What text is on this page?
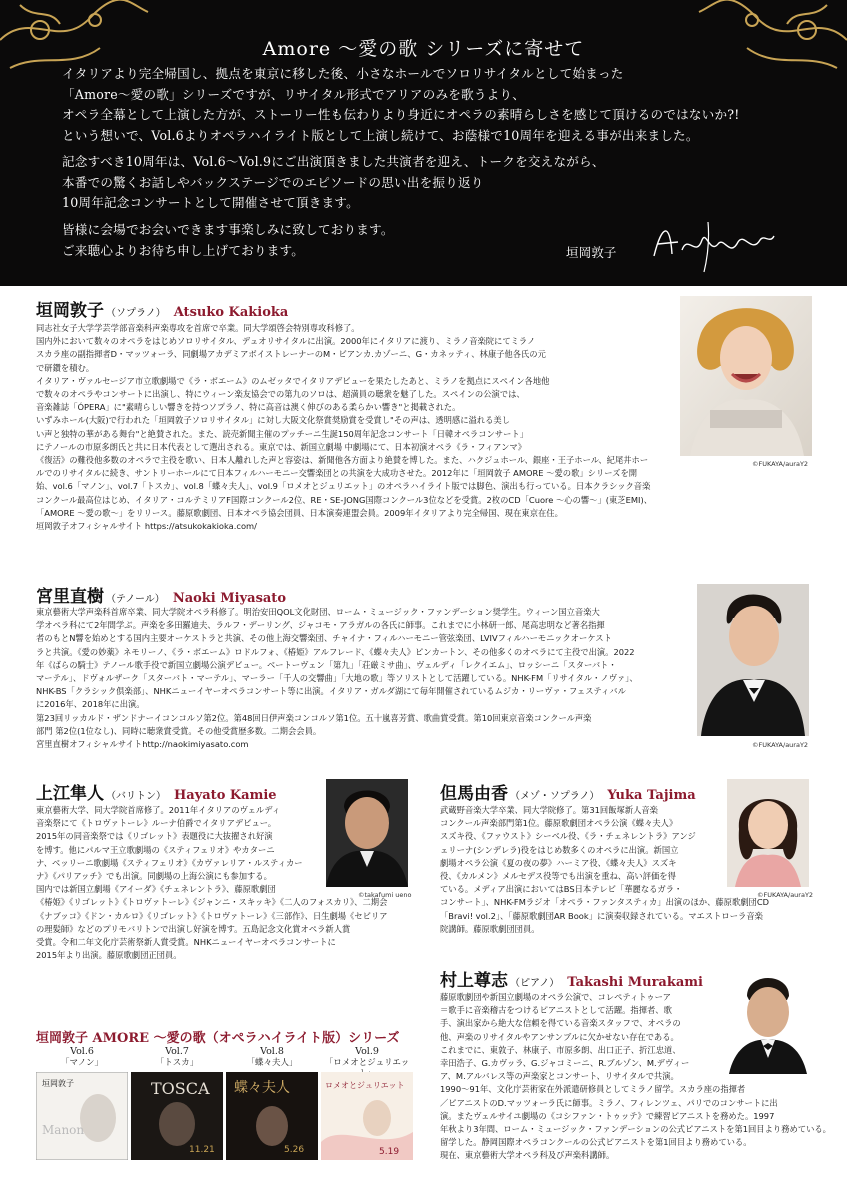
Amore ～愛の歌 シリーズに寄せて
イタリアより完全帰国し、拠点を東京に移した後、小さなホールでソロリサイタルとして始まった
「Amore～愛の歌」シリーズですが、リサイタル形式でアリアのみを歌うより、
オペラ全幕として上演した方が、ストーリー性も伝わりより身近にオペラの素晴らしさを感じて頂けるのではないか?!
という想いで、Vol.6よりオペラハイライト版として上演し続けて、お蔭様で10周年を迎える事が出来ました。
記念すべき10周年は、Vol.6～Vol.9にご出演頂きました共演者を迎え、トークを交えながら、
本番での驚くお話しやバックステージでのエピソードの思い出を振り返り
10周年記念コンサートとして開催させて頂きます。
皆様に会場でお会いできます事楽しみに致しております。
ご来聴心よりお待ち申し上げております。	垣岡敦子
垣岡敦子 （ソプラノ） Atsuko Kakioka
同志社女子大学学芸学部音楽科声楽専攻を首席で卒業。同大学頌啓会特別専攻科修了。
国内外において数々のオペラをはじめソロリサイタル、デュオリサイタルに出演。2000年にイタリアに渡り、ミラノ音楽院にてミラノ
スカラ座の副指揮者D・マッツォーラ、同劇場アカデミアボイストレーナーのM・ビアンカ.カゾーニ、G・カネッティ、林康子他各氏の元
で研鑽を積む。
イタリア・ヴァルセージア市立歌劇場で《ラ・ボエーム》のムゼッタでイタリアデビューを果たしたあと、ミラノを拠点にスペイン各地他
で数々のオペラやコンサートに出演し、特にウィーン楽友協会での第九のソロは、超満員の聴衆を魅了した。スペインの公演では、
音楽雑誌「ÓPERA」に"素晴らしい響きを持つソプラノ、特に高音は澳く伸びのある柔らかい響き"と掲載された。
いずみホール(大阪)で行われた「垣岡敦子ソロリサイタル」に対し大阪文化祭賞奨励賞を受賞し"その声は、透明感に溢れる美し
い声と独特の華がある舞台"と絶賛された。また、読売新聞主催のプッチーニ生誕150周年記念コンサート「日韓オペラコンサート」
にテノールの市原多朗氏と共に日本代表として選出される。東京では、新国立劇場 中劇場にて、日本初演オペラ《ラ・フィアンマ》
《復活》の難役他多数のオペラで主役を歌い、日本人離れした声と容姿は、新聞他各方面より絶賛を博した。また、ハクジュホール、銀座・王子ホール、紀尾井ホー
ルでのリサイタルに続き、サントリーホールにて日本フィルハーモニー交響楽団との共演を大成功させた。2012年に「垣岡敦子 AMORE ～愛の歌」シリーズを開
始、vol.6「マノン」、vol.7「トスカ」、vol.8「蝶々夫人」、vol.9「ロメオとジュリエット」のオペラハイライト版では脚色、演出も行っている。日本クラシック音楽
コンクール最高位はじめ、イタリア・コルテミリアF国際コンクール2位、RE・SE-JONG国際コンクール3位などを受賞。2枚のCD「Cuore ～心の響～」(東芝EMI)、
「AMORE ～愛の歌～」をリリース。藤原歌劇団、日本オペラ協会団員、日本演奏連盟会員。2009年イタリアより完全帰国、現在東京在住。
垣岡敦子オフィシャルサイト https://atsukokakioka.com/
©FUKAYA/auraY2
宮里直樹 （テノール） Naoki Miyasato
東京藝術大学声楽科首席卒業、同大学院オペラ科修了。明治安田QOL文化財団、ローム・ミュージック・ファンデーション奨学生。ウィーン国立音楽大
学オペラ科にて2年間学ぶ。声楽を多田羅迪夫、ラルフ・デーリング、ジャコモ・アラガルの各氏に師事。これまでに小林研一郎、尾高忠明など著名指揮
者のもとN響を始めとする国内主要オーケストラと共演、その他上海交響楽団、チャイナ・フィルハーモニー管弦楽団、LVIVフィルハーモニックオーケスト
ラと共演。《愛の妙薬》ネモリーノ、《ラ・ボエーム》ロドルフォ、《椿姫》アルフレード、《蝶々夫人》ピンカートン、その他多くのオペラにて主役で出演。2022
年《ばらの騎士》テノール歌手役で新国立劇場公演デビュー。ベートーヴェン「第九」「荘厳ミサ曲」、ヴェルディ「レクイエム」、ロッシーニ「スターバト・
マーテル」、ドヴォルザーク「スターバト・マーテル」、マーラー「千人の交響曲」「大地の歌」等ソリストとして活躍している。NHK-FM「リサイタル・ノヴァ」、
NHK-BS「クラシック倶楽部」、NHKニューイヤーオペラコンサート等に出演。イタリア・ガルダ湖にて毎年開催されているムジカ・リーヴァ・フェスティバル
に2016年、2018年に出演。
第23回リッカルド・ザンドナーイコンコルソ第2位。第48回日伊声楽コンコルソ第1位。五十嵐喜芳賞、歌曲賞受賞。第10回東京音楽コンクール声楽
部門 第2位(1位なし)、同時に聴衆賞受賞。その他受賞歴多数。二期会会員。
宮里直樹オフィシャルサイトhttp://naokimiyasato.com	©FUKAYA/auraY2
上江隼人 （バリトン） Hayato Kamie
東京藝術大学、同大学院首席修了。2011年イタリアのヴェルディ
音楽祭にて《トロヴァトーレ》ルーナ伯爵でイタリアデビュー。
2015年の同音楽祭では《リゴレット》表題役に大抜擢され好演
を博す。他にパルマ王立歌劇場の《スティフェリオ》やカターニ
ナ、ベッリーニ歌劇場《スティフェリオ》《カヴァレリア・ルスティカー
ナ》《パリアッチ》でも出演。同劇場の上海公演にも参加する。
国内では新国立劇場《アイーダ》《チェネレントラ》、藤原歌劇団
《椿姫》《リゴレット》《トロヴァトーレ》《ジャンニ・スキッキ》《二人のフォスカリ》、二期会
《ナブッコ》《ドン・カルロ》《リゴレット》《トロヴァトーレ》《三部作》、日生劇場《セビリア
の理髪師》などのプリモバリトンで出演し好演を博す。五島記念文化賞オペラ新人賞
受賞。令和二年文化庁芸術祭新人賞受賞。NHKニューイヤーオペラコンサートに
2015年より出演。藤原歌劇団正団員。
©takafumi ueno
但馬由香 （メゾ・ソプラノ） Yuka Tajima
武蔵野音楽大学卒業、同大学院修了。第31回飯塚新人音楽
コンクール声楽部門第1位。藤原歌劇団オペラ公演《蝶々夫人》
スズキ役、《ファウスト》シーベル役、《ラ・チェネレントラ》アンジ
ェリーナ(シンデレラ)役をはじめ数多くのオペラに出演。新国立
劇場オペラ公演《夏の夜の夢》ハーミア役、《蝶々夫人》スズキ
役、《カルメン》メルセデス役等でも出演を重ね、高い評価を得
ている。メディア出演においてはBS日本テレビ「華麗なるガラ・
コンサート」、NHK-FMラジオ「オペラ・ファンタスティカ」出演のほか、藤原歌劇団CD
「Bravi! vol.2」、「藤原歌劇団AR Book」に演奏収録されている。マエストローラ音楽
院講師。藤原歌劇団団員。
©FUKAYA/auraY2
村上尊志 （ピアノ） Takashi Murakami
藤原歌劇団や新国立劇場のオペラ公演で、コレペティトゥーア
＝歌手に音楽稽古をつけるピアニストとして活躍。指揮者、歌
手、演出家から絶大な信頼を得ている音楽スタッフで、オペラの
他、声楽のリサイタルやアンサンブルに欠かせない存在である。
これまでに、東敦子、林康子、市原多朗、出口正子、折江忠道、
幸田浩子、G.カヴッラ、G.ジャコミーニ、R.ブルゾン、M.デヴィー
ア、M.アルバレス等の声楽家とコンサート、リサイタルで共演。
1990～91年、文化庁芸術家在外派遣研修員としてミラノ留学。スカラ座の指揮者
／ピアニストのD.マッツォーラ氏に師事。ミラノ、フィレンツェ、パリでのコンサートに出
演。またヴェルサイユ劇場の《コシファン・トゥッテ》で練習ピアニストを務めた。1997
年秋より3年間、ローム・ミュージック・ファンデーションの公式ピアニストを第1回目より務めている。
留学した。静岡国際オペラコンクールの公式ピアニストを第1回目より務めている。
現在、東京藝術大学オペラ科及び声楽科講師。
垣岡敦子 AMORE ～愛の歌（オペラハイライト版）シリーズ
Vol.6
「マノン」
垣岡敦子
Manon
Vol.7
「トスカ」
TOSCA
11.21
Vol.8
「蝶々夫人」
蝶々夫人
5.26
Vol.9
「ロメオとジュリエッ
ロメオとジュリエット
5.19
